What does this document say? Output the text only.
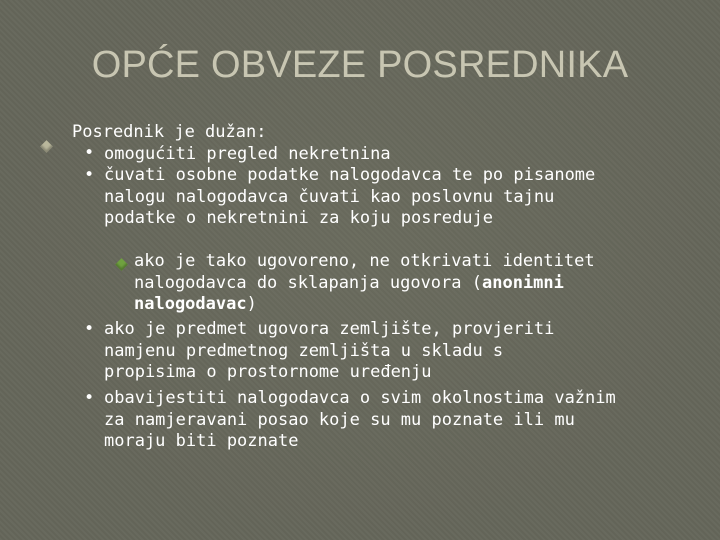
OPĆE OBVEZE POSREDNIKA
Posrednik je dužan:
• omogućiti pregled nekretnina
• čuvati osobne podatke nalogodavca te po pisanome
nalogu nalogodavca čuvati kao poslovnu tajnu
podatke o nekretnini za koju posreduje
ako je tako ugovoreno, ne otkrivati identitet
nalogodavca do sklapanja ugovora (anonimni
nalogodavac)
• ako je predmet ugovora zemljište, provjeriti
namjenu predmetnog zemljišta u skladu s
propisima o prostornome uređenju
• obavijestiti nalogodavca o svim okolnostima važnim
za namjeravani posao koje su mu poznate ili mu
moraju biti poznate
